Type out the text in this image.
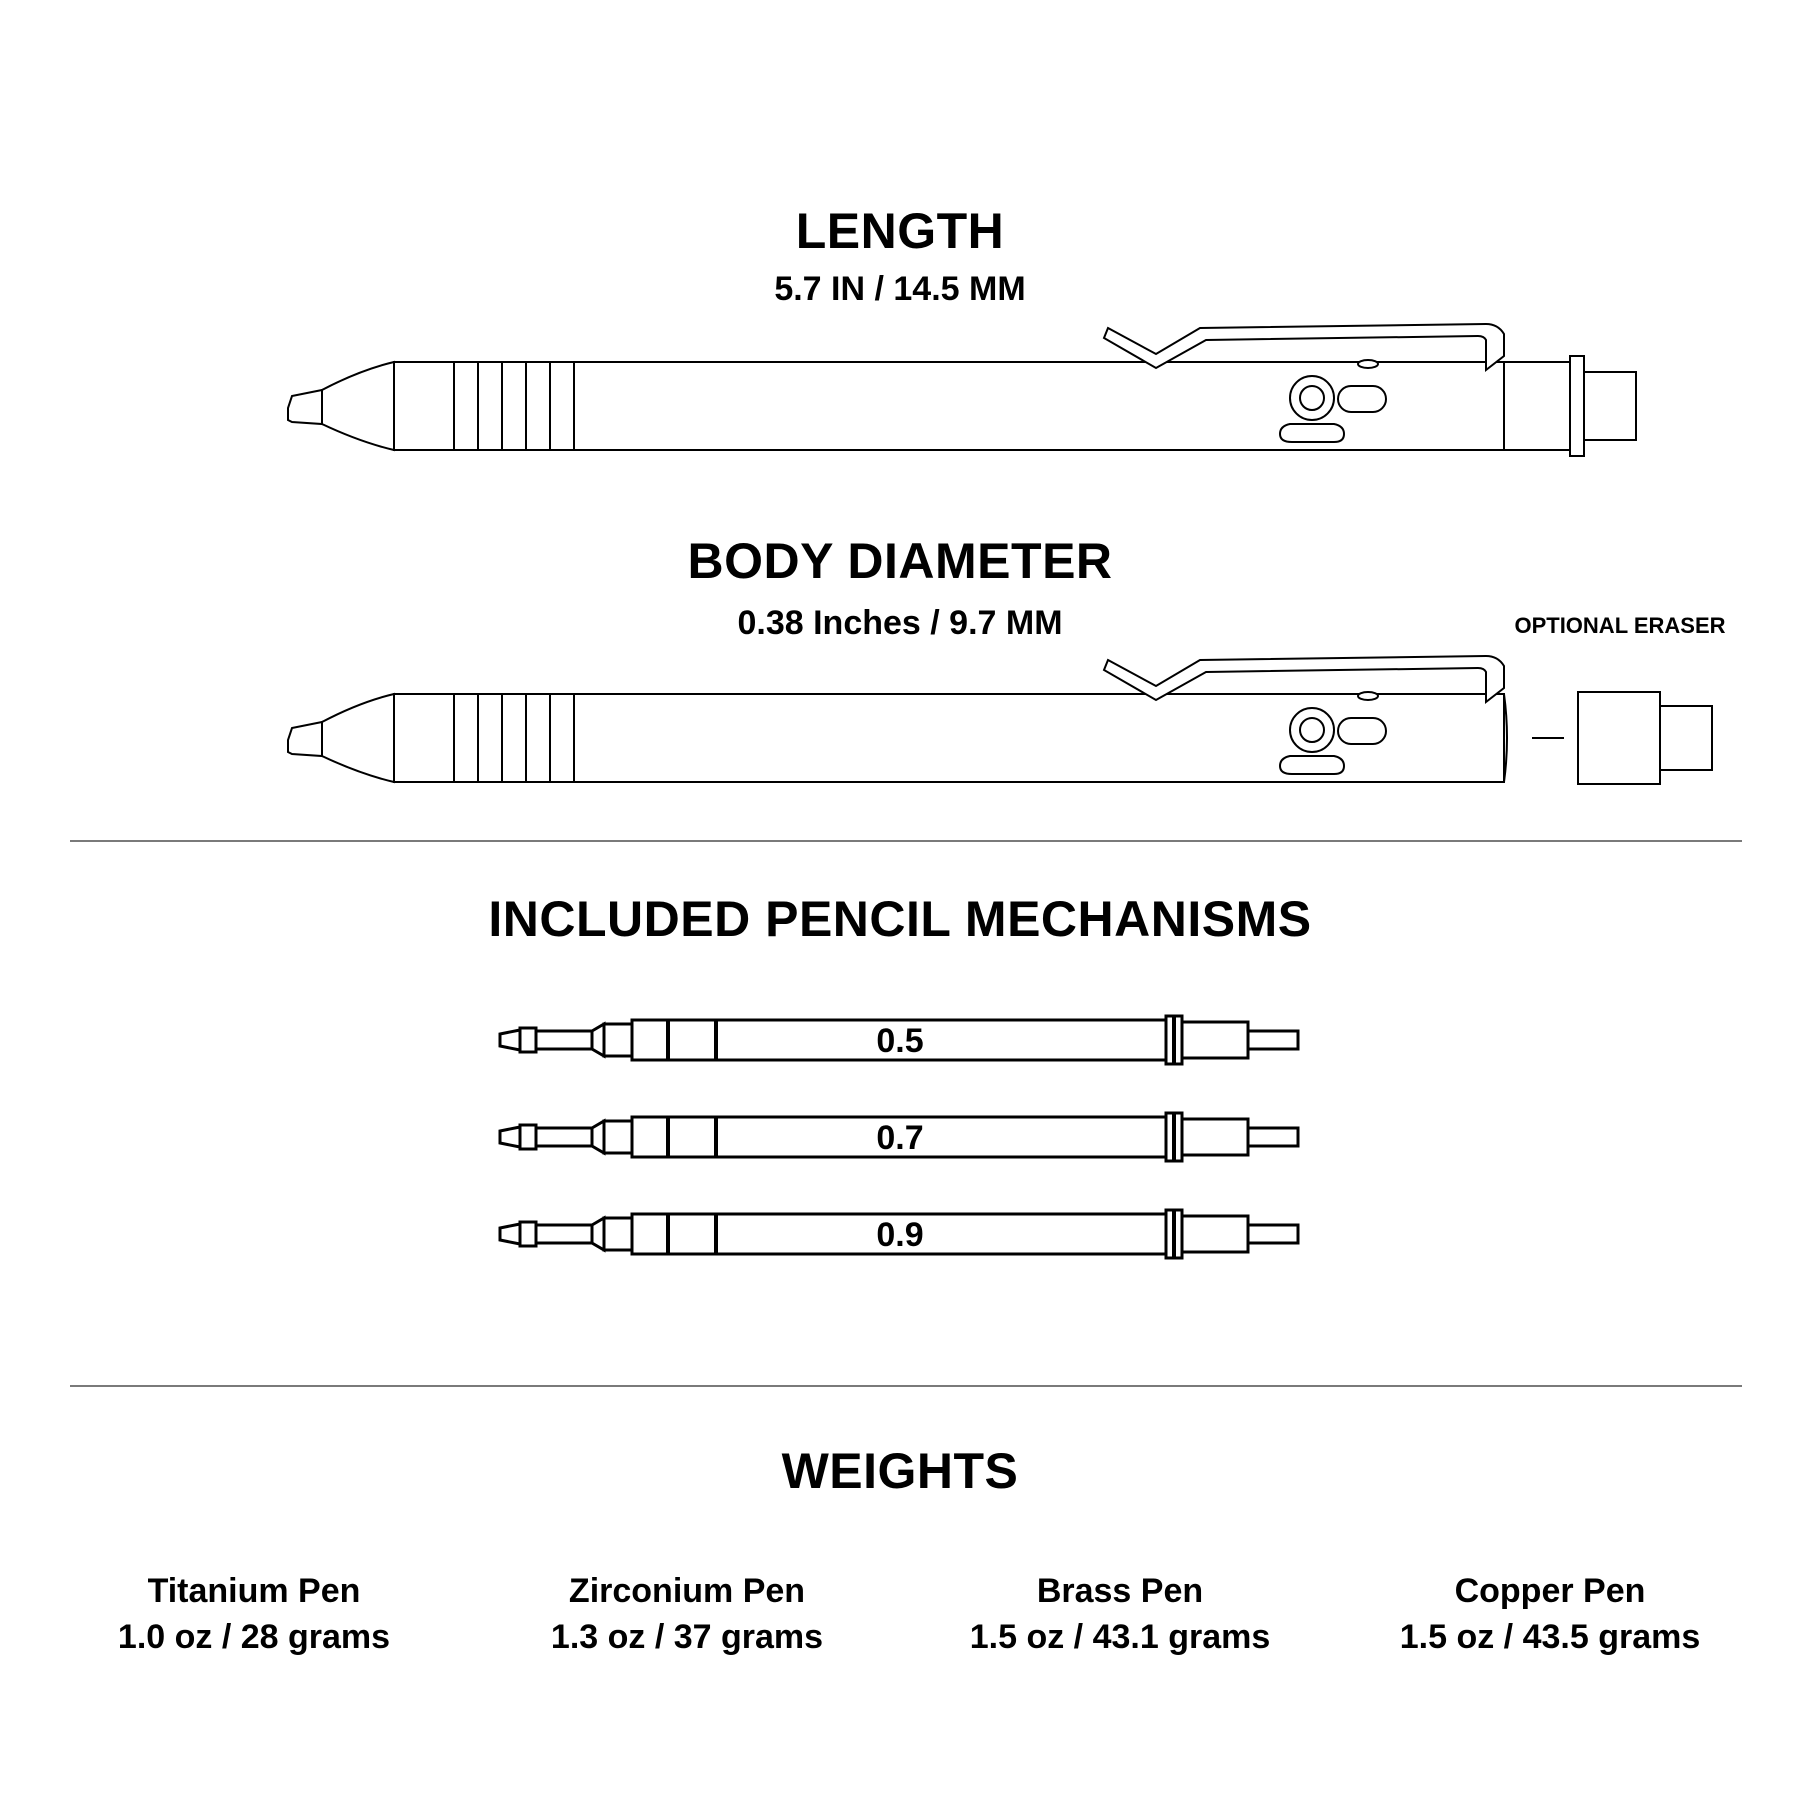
LENGTH
5.7 IN / 14.5 MM
BODY DIAMETER
0.38 Inches / 9.7 MM	OPTIONAL ERASER
INCLUDED PENCIL MECHANISMS
0.5
0.7
0.9
WEIGHTS
Titanium Pen
1.0 oz / 28 grams
Zirconium Pen
1.3 oz / 37 grams
Brass Pen
1.5 oz / 43.1 grams
Copper Pen
1.5 oz / 43.5 grams
